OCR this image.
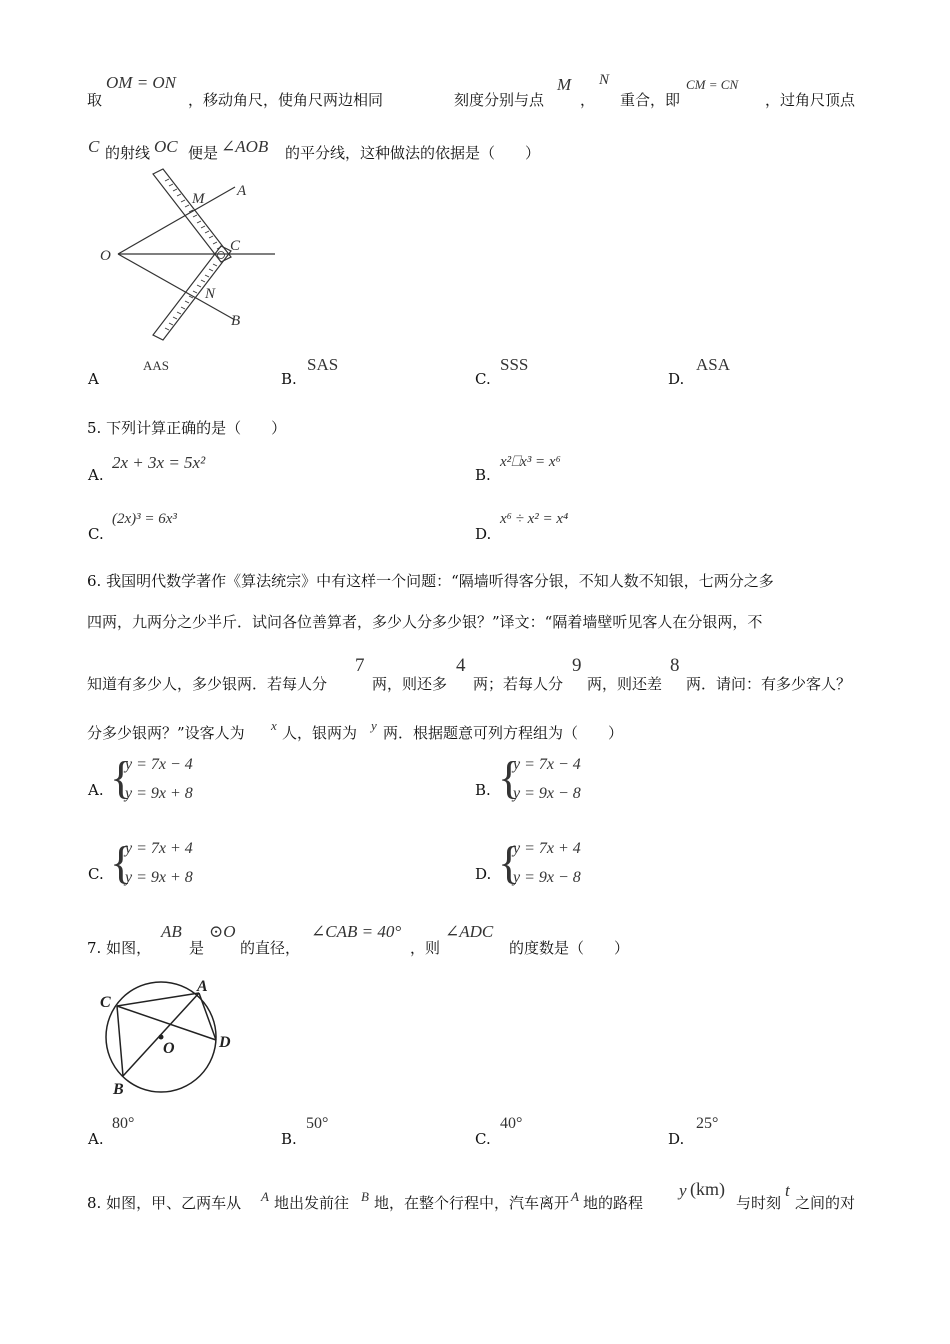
取
OM = ON
，移动角尺，使角尺两边相同	刻度分别与点
M
，
N
重合，即
CM = CN
，过角尺顶点
C 的射线 OC 便是 ∠AOB 的平分线，这种做法的依据是（　　）
A
M
O
C
N
B
A
AAS
B.
SAS
C.
SSS
D.
ASA
5. 下列计算正确的是（　　）
A.
2x + 3x = 5x²
B.
x²⎕x³ = x⁶
C.
(2x)³ = 6x³
D.
x⁶ ÷ x² = x⁴
6. 我国明代数学著作《算法统宗》中有这样一个问题：“隔墙听得客分银，不知人数不知银，七两分之多
四两，九两分之少半斤．试问各位善算者，多少人分多少银？”译文：“隔着墙壁听见客人在分银两，不
知道有多少人，多少银两．若每人分
7
两，则还多
4
两；若每人分
9
两，则还差
8
两．请问：有多少客人？
分多少银两？”设客人为 x 人，银两为 y 两．根据题意可列方程组为（　　）
A. {
y = 7x − 4
y = 9x + 8	B. {
y = 7x − 4
y = 9x − 8
C. {
y = 7x + 4
y = 9x + 8	D. {
y = 7x + 4
y = 9x − 8
7. 如图，
AB
是
⊙O
的直径，
∠CAB = 40°
，则
∠ADC
的度数是（　　）
C
A
O	D
B
A.
80°
B.
50°
C.
40°
D.
25°
8. 如图，甲、乙两车从 A 地出发前往 B 地，在整个行程中，汽车离开 A 地的路程
y (km)
与时刻
t
之间的对
